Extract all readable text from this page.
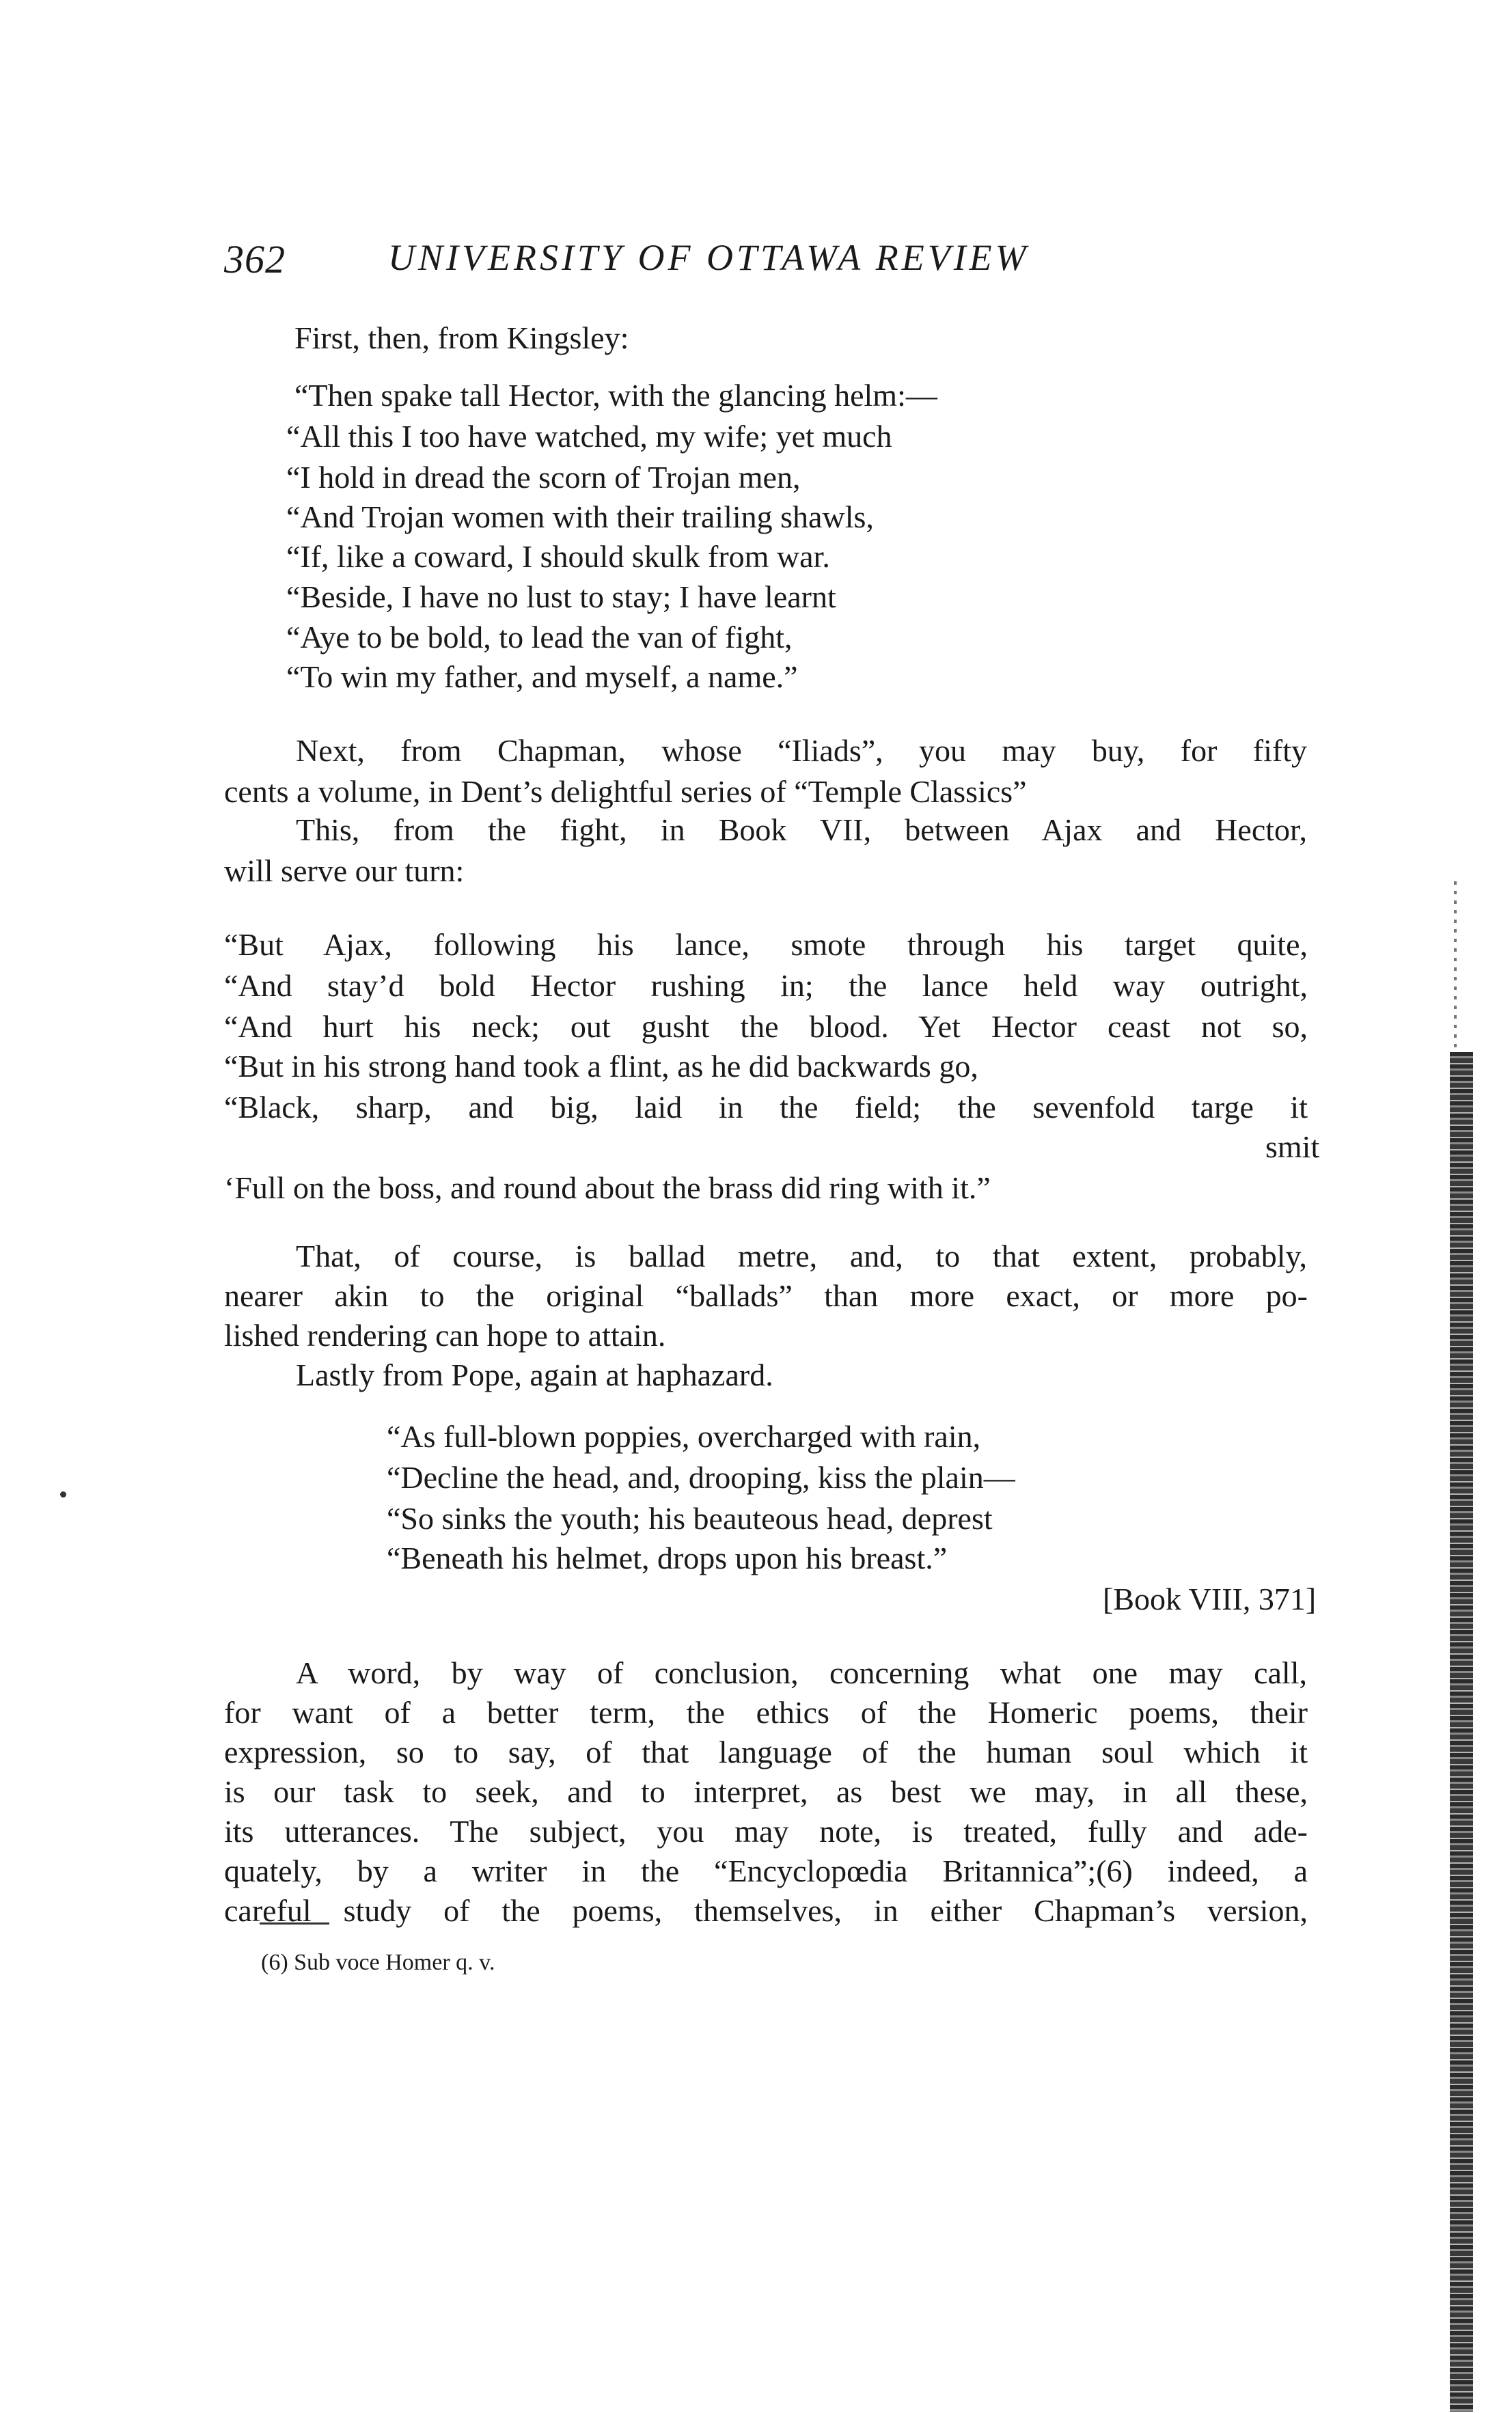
362	UNIVERSITY OF OTTAWA REVIEW
First, then, from Kingsley:
“Then spake tall Hector, with the glancing helm:—
“All this I too have watched, my wife; yet much
“I hold in dread the scorn of Trojan men,
“And Trojan women with their trailing shawls,
“If, like a coward, I should skulk from war.
“Beside, I have no lust to stay; I have learnt
“Aye to be bold, to lead the van of fight,
“To win my father, and myself, a name.”
Next, from Chapman, whose “Iliads”, you may buy, for fifty
cents a volume, in Dent’s delightful series of “Temple Classics”
This, from the fight, in Book VII, between Ajax and Hector,
will serve our turn:
“But Ajax, following his lance, smote through his target quite,
“And stay’d bold Hector rushing in; the lance held way outright,
“And hurt his neck; out gusht the blood. Yet Hector ceast not so,
“But in his strong hand took a flint, as he did backwards go,
“Black, sharp, and big, laid in the field; the sevenfold targe it
smit
‘Full on the boss, and round about the brass did ring with it.”
That, of course, is ballad metre, and, to that extent, probably,
nearer akin to the original “ballads” than more exact, or more po-
lished rendering can hope to attain.
Lastly from Pope, again at haphazard.
“As full-blown poppies, overcharged with rain,
“Decline the head, and, drooping, kiss the plain—
“So sinks the youth; his beauteous head, deprest
“Beneath his helmet, drops upon his breast.”
[Book VIII, 371]
A word, by way of conclusion, concerning what one may call,
for want of a better term, the ethics of the Homeric poems, their
expression, so to say, of that language of the human soul which it
is our task to seek, and to interpret, as best we may, in all these,
its utterances. The subject, you may note, is treated, fully and ade-
quately, by a writer in the “Encyclopœdia Britannica”;(6) indeed, a
careful study of the poems, themselves, in either Chapman’s version,
(6) Sub voce Homer q. v.
